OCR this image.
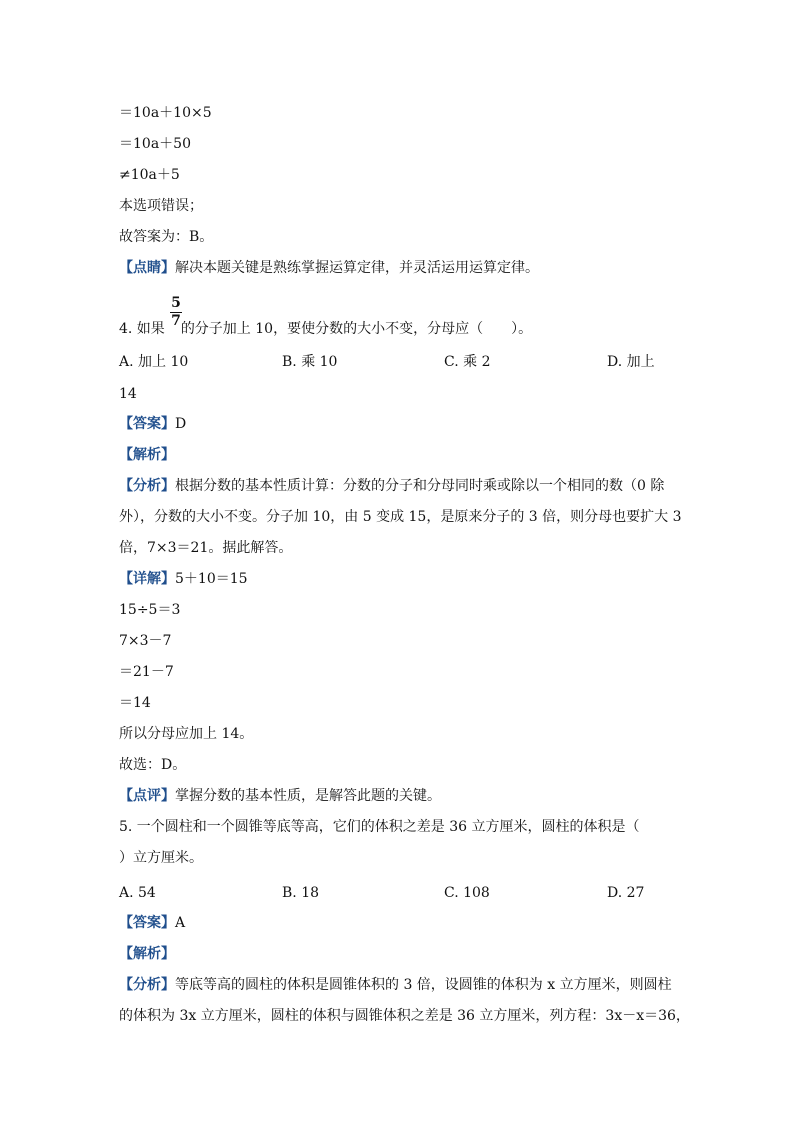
＝10a＋10×5
＝10a＋50
≠10a＋5
本选项错误；
故答案为：B。
【点睛】解决本题关键是熟练掌握运算定律，并灵活运用运算定律。
5
7
4. 如果 的分子加上 10，要使分数的大小不变，分母应（　　）。
A. 加上 10	B. 乘 10	C. 乘 2	D. 加上
14
【答案】D
【解析】
【分析】根据分数的基本性质计算：分数的分子和分母同时乘或除以一个相同的数（0 除
外），分数的大小不变。分子加 10，由 5 变成 15，是原来分子的 3 倍，则分母也要扩大 3
倍，7×3＝21。据此解答。
【详解】5＋10＝15
15÷5＝3
7×3－7
＝21－7
＝14
所以分母应加上 14。
故选：D。
【点评】掌握分数的基本性质，是解答此题的关键。
5. 一个圆柱和一个圆锥等底等高，它们的体积之差是 36 立方厘米，圆柱的体积是（
）立方厘米。
A. 54	B. 18	C. 108	D. 27
【答案】A
【解析】
【分析】等底等高的圆柱的体积是圆锥体积的 3 倍，设圆锥的体积为 x 立方厘米，则圆柱
的体积为 3x 立方厘米，圆柱的体积与圆锥体积之差是 36 立方厘米，列方程：3x－x＝36，
